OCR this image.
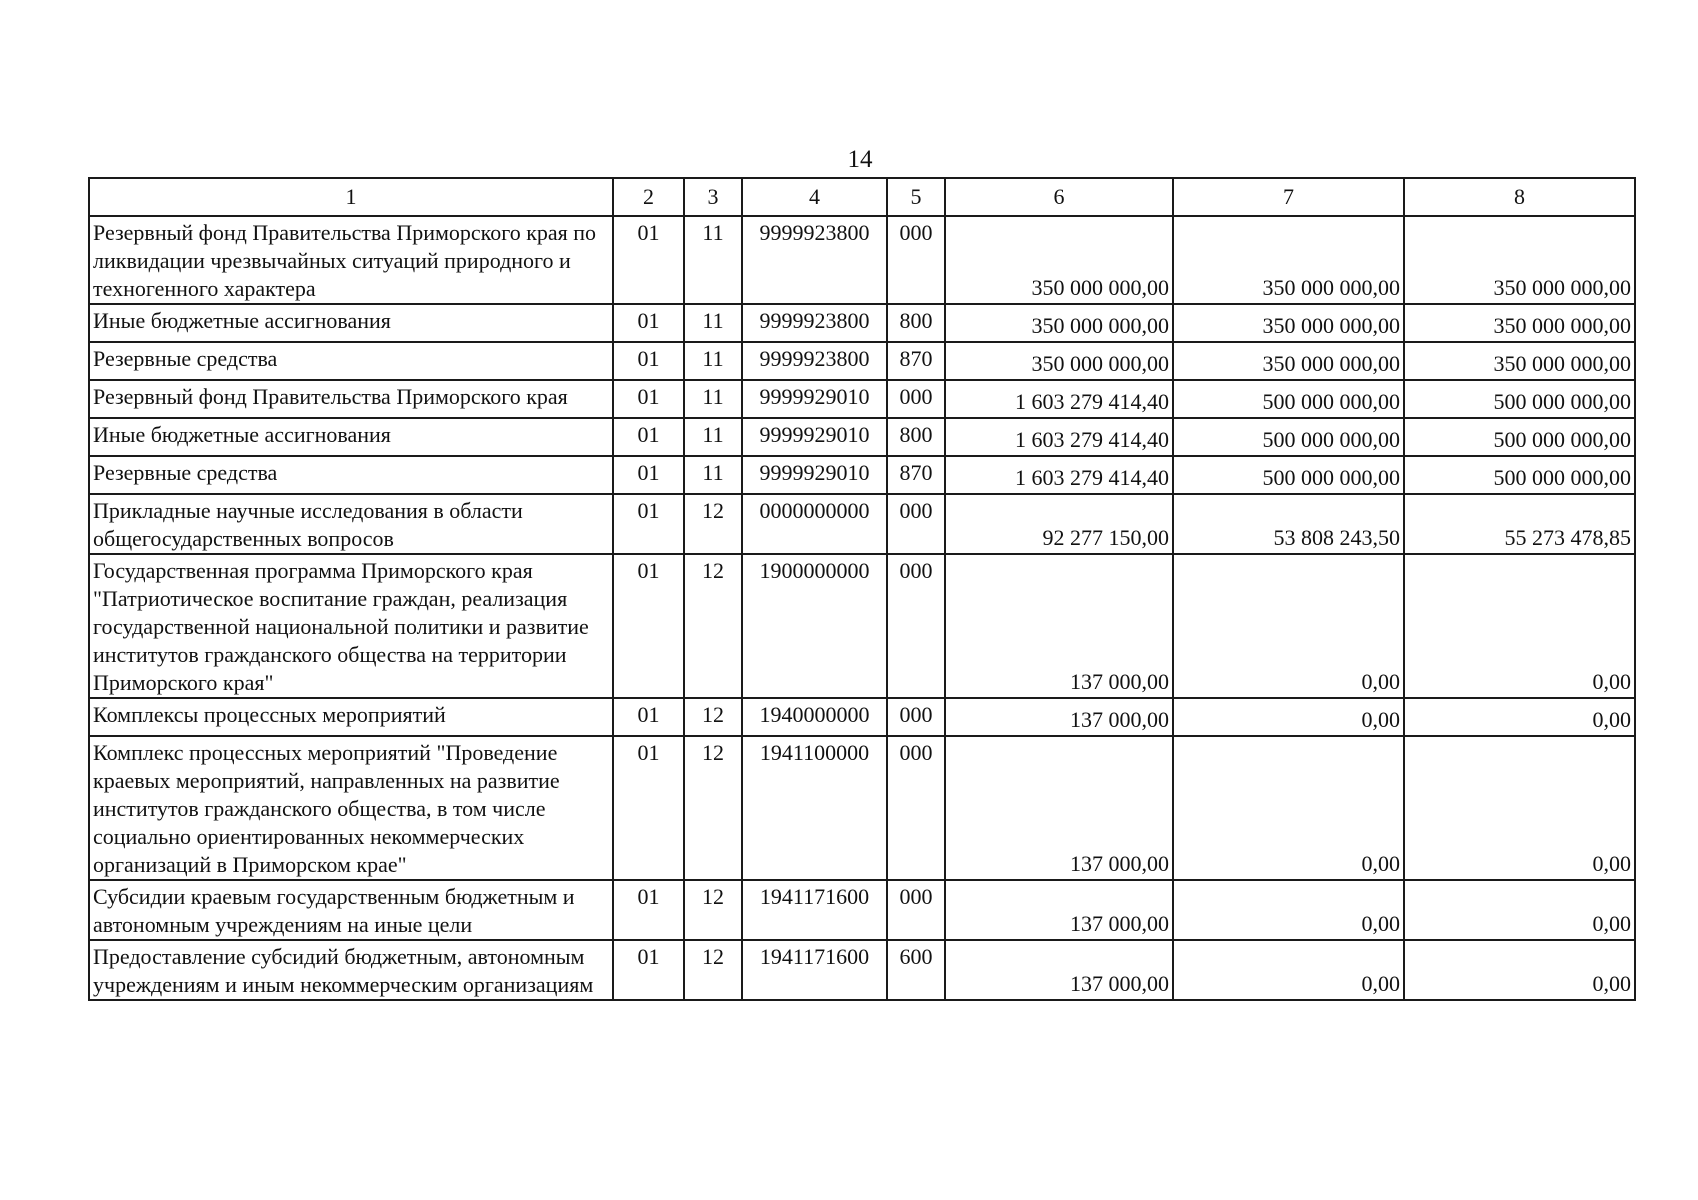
14
1	2	3	4	5	6	7	8
Резервный фонд Правительства Приморского края по ликвидации чрезвычайных ситуаций природного и техногенного характера	01	11	9999923800	000	350 000 000,00	350 000 000,00	350 000 000,00
Иные бюджетные ассигнования	01	11	9999923800	800	350 000 000,00	350 000 000,00	350 000 000,00
Резервные средства	01	11	9999923800	870	350 000 000,00	350 000 000,00	350 000 000,00
Резервный фонд Правительства Приморского края	01	11	9999929010	000	1 603 279 414,40	500 000 000,00	500 000 000,00
Иные бюджетные ассигнования	01	11	9999929010	800	1 603 279 414,40	500 000 000,00	500 000 000,00
Резервные средства	01	11	9999929010	870	1 603 279 414,40	500 000 000,00	500 000 000,00
Прикладные научные исследования в области общегосударственных вопросов	01	12	0000000000	000	92 277 150,00	53 808 243,50	55 273 478,85
Государственная программа Приморского края "Патриотическое воспитание граждан, реализация государственной национальной политики и развитие институтов гражданского общества на территории Приморского края"	01	12	1900000000	000	137 000,00	0,00	0,00
Комплексы процессных мероприятий	01	12	1940000000	000	137 000,00	0,00	0,00
Комплекс процессных мероприятий "Проведение краевых мероприятий, направленных на развитие институтов гражданского общества, в том числе социально ориентированных некоммерческих организаций в Приморском крае"	01	12	1941100000	000	137 000,00	0,00	0,00
Субсидии краевым государственным бюджетным и автономным учреждениям на иные цели	01	12	1941171600	000	137 000,00	0,00	0,00
Предоставление субсидий бюджетным, автономным учреждениям и иным некоммерческим организациям	01	12	1941171600	600	137 000,00	0,00	0,00
